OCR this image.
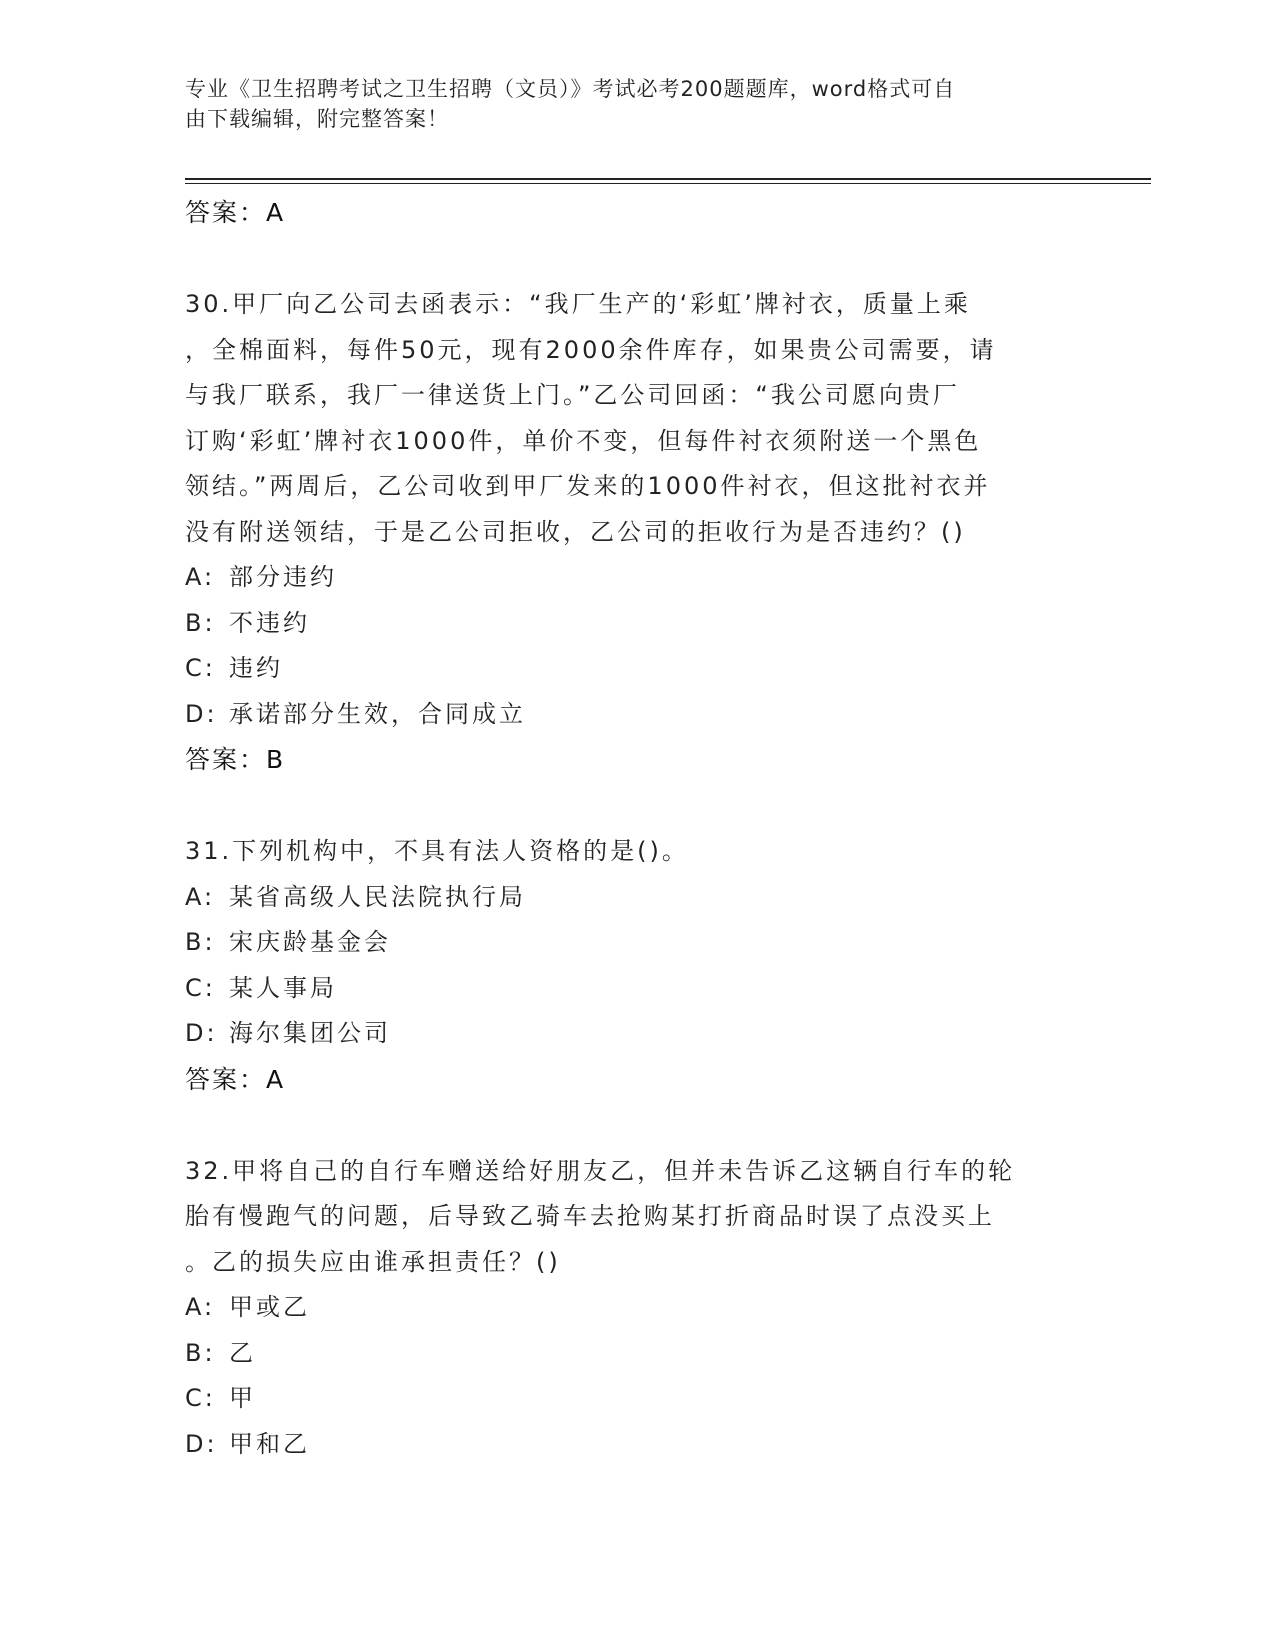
专业《卫生招聘考试之卫生招聘（文员）》考试必考200题题库，word格式可自
由下载编辑，附完整答案！
答案：A
30.甲厂向乙公司去函表示：“我厂生产的‘彩虹’牌衬衣，质量上乘
，全棉面料，每件50元，现有2000余件库存，如果贵公司需要，请
与我厂联系，我厂一律送货上门。”乙公司回函：“我公司愿向贵厂
订购‘彩虹’牌衬衣1000件，单价不变，但每件衬衣须附送一个黑色
领结。”两周后，乙公司收到甲厂发来的1000件衬衣，但这批衬衣并
没有附送领结，于是乙公司拒收，乙公司的拒收行为是否违约？()
A: 部分违约
B: 不违约
C: 违约
D: 承诺部分生效，合同成立
答案：B
31.下列机构中，不具有法人资格的是()。
A: 某省高级人民法院执行局
B: 宋庆龄基金会
C: 某人事局
D: 海尔集团公司
答案：A
32.甲将自己的自行车赠送给好朋友乙，但并未告诉乙这辆自行车的轮
胎有慢跑气的问题，后导致乙骑车去抢购某打折商品时误了点没买上
。乙的损失应由谁承担责任？()
A: 甲或乙
B: 乙
C: 甲
D: 甲和乙
